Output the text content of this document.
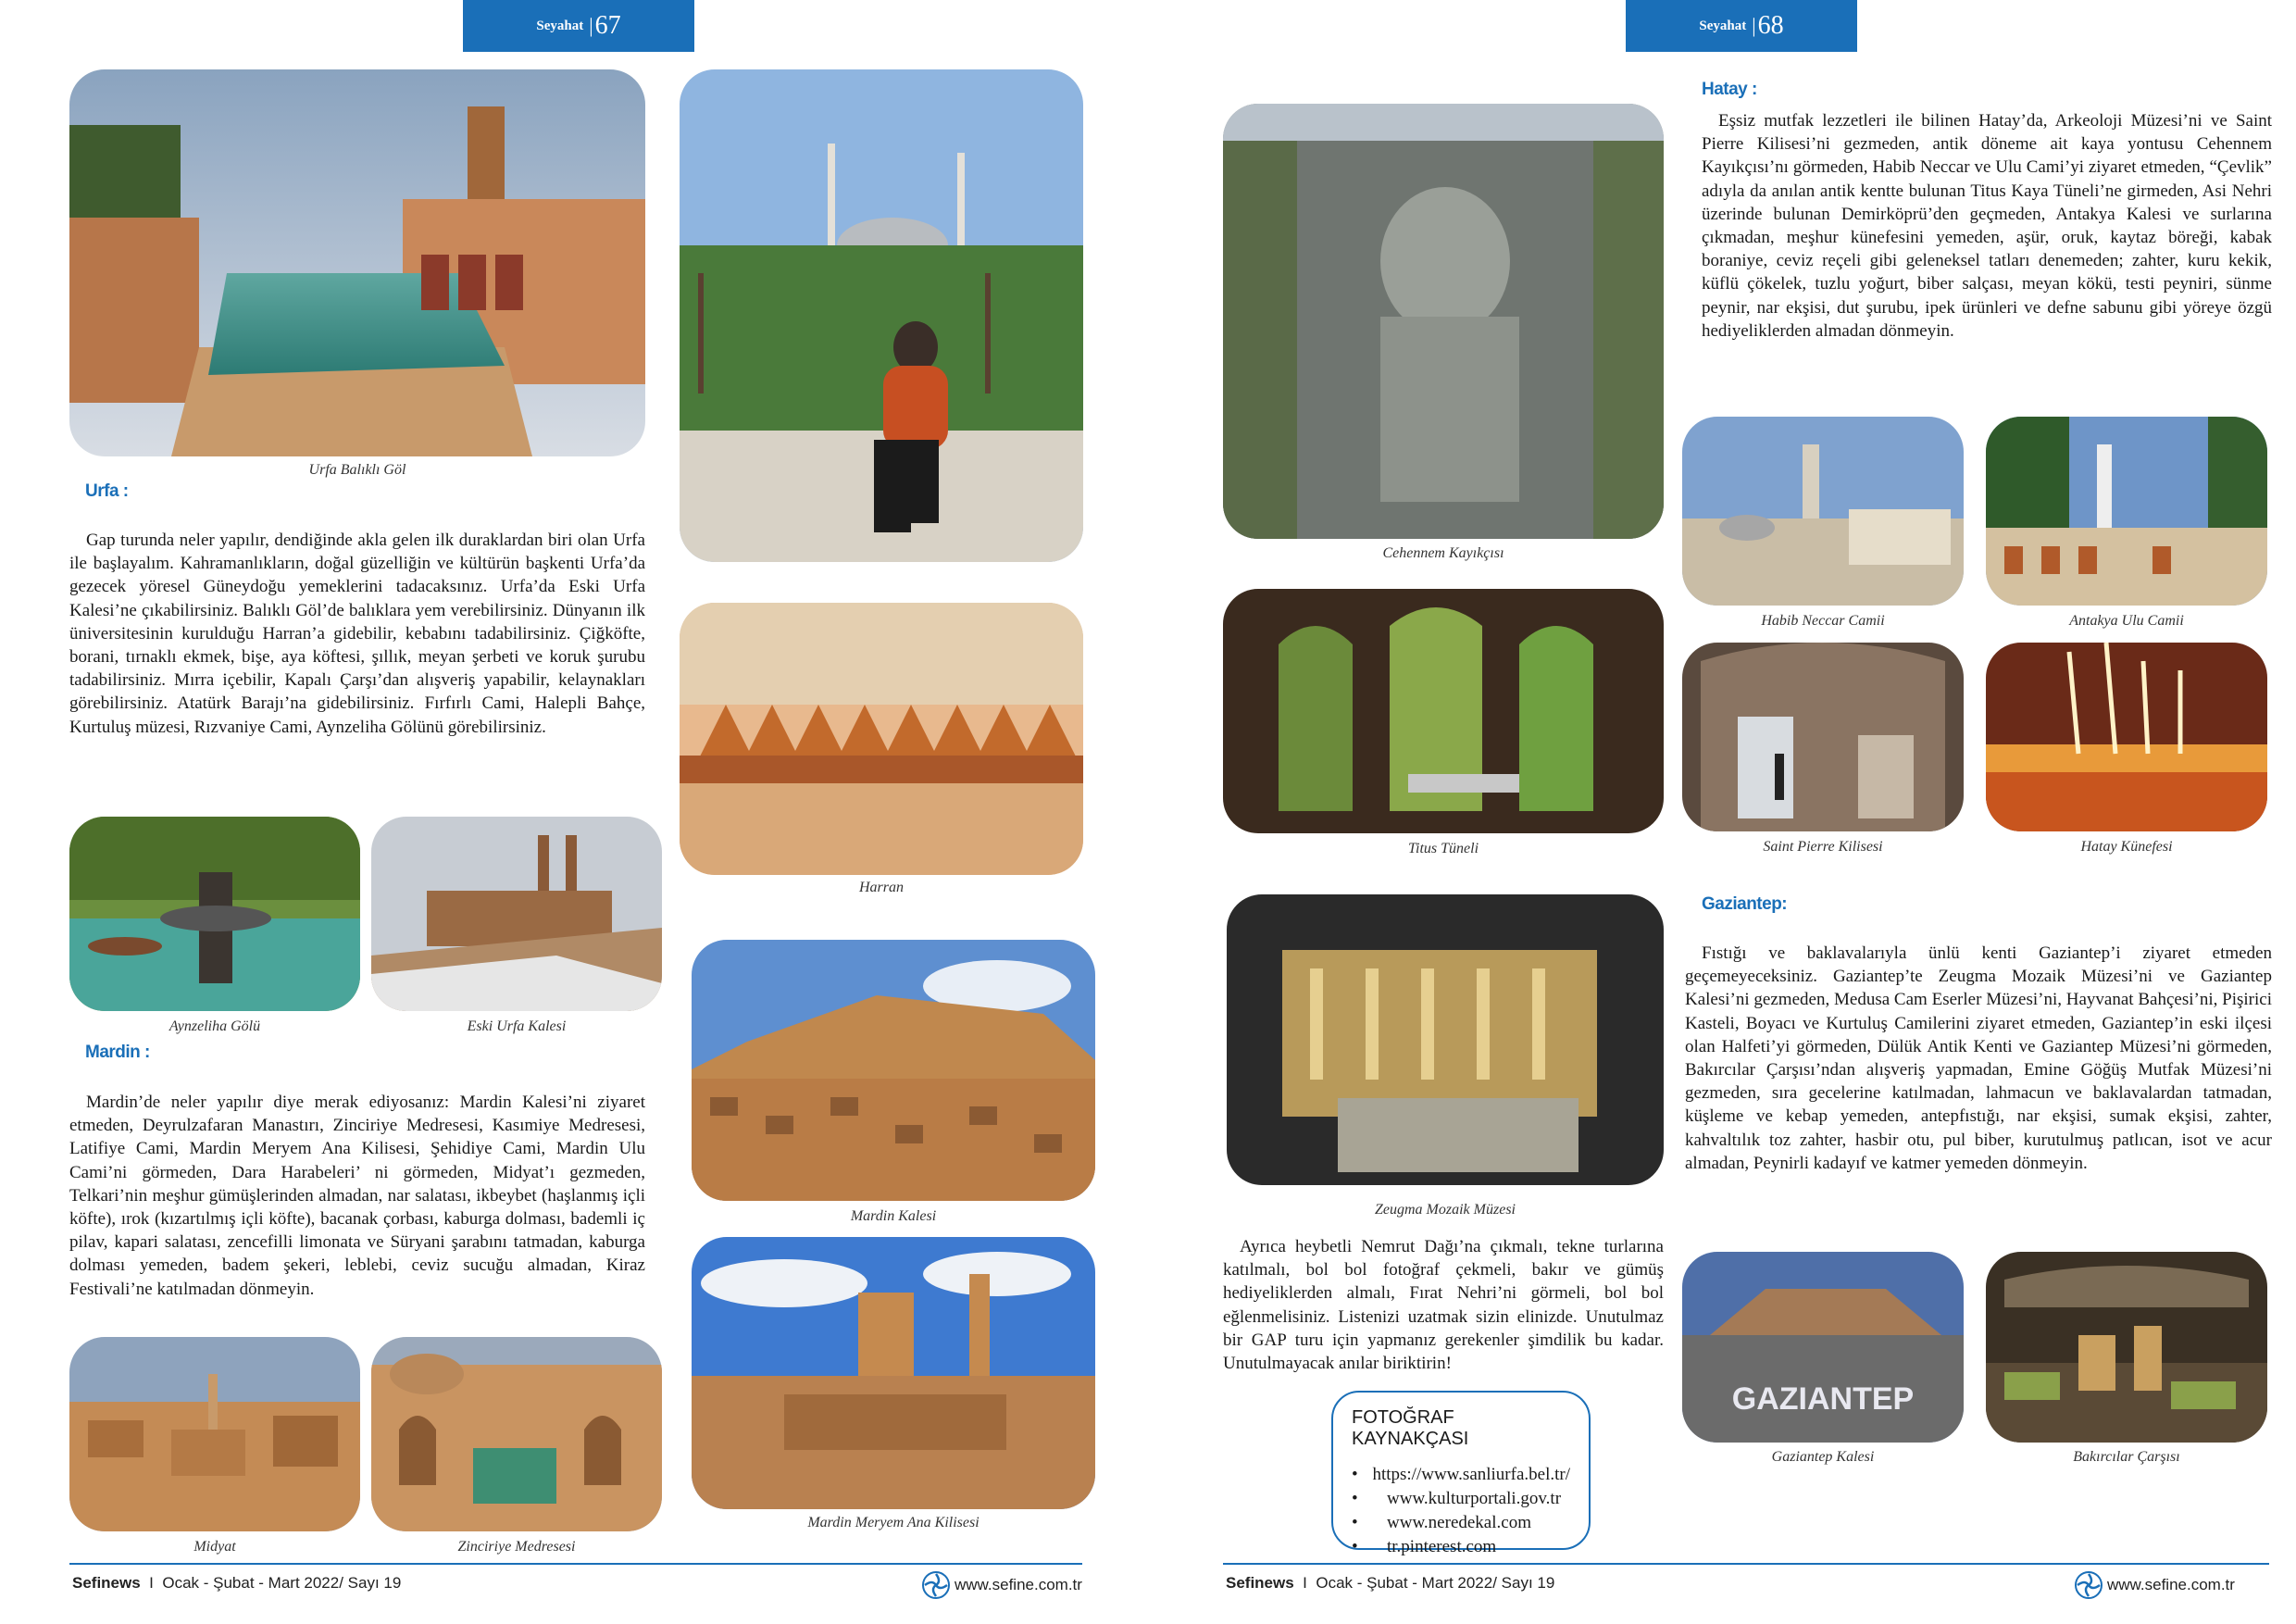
Seyahat | 67
Urfa Balıklı Göl
Urfa :
Gap turunda neler yapılır, dendiğinde akla gelen ilk duraklardan biri olan Urfa ile başlayalım. Kahramanlıkların, doğal güzelliğin ve kültürün başkenti Urfa’da gezecek yöresel Güneydoğu yemeklerini tadacaksınız. Urfa’da Eski Urfa Kalesi’ne çıkabilirsiniz. Balıklı Göl’de balıklara yem verebilirsiniz. Dünyanın ilk üniversitesinin kurulduğu Harran’a gidebilir, kebabını tadabilirsiniz. Çiğköfte, borani, tırnaklı ekmek, bişe, aya köftesi, şıllık, meyan şerbeti ve koruk şurubu tadabilirsiniz. Mırra içebilir, Kapalı Çarşı’dan alışveriş yapabilir, kelaynakları görebilirsiniz. Atatürk Barajı’na gidebilirsiniz. Fırfırlı Cami, Halepli Bahçe, Kurtuluş müzesi, Rızvaniye Cami, Aynzeliha Gölünü görebilirsiniz.
Aynzeliha Gölü	Eski Urfa Kalesi
Mardin :
Mardin’de neler yapılır diye merak ediyosanız: Mardin Kalesi’ni ziyaret etmeden, Deyrulzafaran Manastırı, Zinciriye Medresesi, Kasımiye Medresesi, Latifiye Cami, Mardin Meryem Ana Kilisesi, Şehidiye Cami, Mardin Ulu Cami’ni görmeden, Dara Harabeleri’ ni görmeden, Midyat’ı gezmeden, Telkari’nin meşhur gümüşlerinden almadan, nar salatası, ikbeybet (haşlanmış içli köfte), ırok (kızartılmış içli köfte), bacanak çorbası, kaburga dolması, bademli iç pilav, kapari salatası, zencefilli limonata ve Süryani şarabını tatmadan, kaburga dolması yemeden, badem şekeri, leblebi, ceviz sucuğu almadan, Kiraz Festivali’ne katılmadan dönmeyin.
Midyat	Zinciriye Medresesi
Harran
Mardin Kalesi
Mardin Meryem Ana Kilisesi
Sefinews I Ocak - Şubat - Mart 2022/ Sayı 19	www.sefine.com.tr
Seyahat | 68
Cehennem Kayıkçısı
Titus Tüneli
Habib Neccar Camii	Antakya Ulu Camii
Saint Pierre Kilisesi	Hatay Künefesi
Hatay :
Eşsiz mutfak lezzetleri ile bilinen Hatay’da, Arkeoloji Müzesi’ni ve Saint Pierre Kilisesi’ni gezmeden, antik döneme ait kaya yontusu Cehennem Kayıkçısı’nı görmeden, Habib Neccar ve Ulu Cami’yi ziyaret etmeden, “Çevlik” adıyla da anılan antik kentte bulunan Titus Kaya Tüneli’ne girmeden, Asi Nehri üzerinde bulunan Demirköprü’den geçmeden, Antakya Kalesi ve surlarına çıkmadan, meşhur künefesini yemeden, aşür, oruk, kaytaz böreği, kabak boraniye, ceviz reçeli gibi geleneksel tatları denemeden; zahter, kuru kekik, küflü çökelek, tuzlu yoğurt, biber salçası, meyan kökü, testi peyniri, sünme peynir, nar ekşisi, dut şurubu, ipek ürünleri ve defne sabunu gibi yöreye özgü hediyeliklerden almadan dönmeyin.
Zeugma Mozaik Müzesi
Ayrıca heybetli Nemrut Dağı’na çıkmalı, tekne turlarına katılmalı, bol bol fotoğraf çekmeli, bakır ve gümüş hediyeliklerden almalı, Fırat Nehri’ni görmeli, bol bol eğlenmelisiniz. Listenizi uzatmak sizin elinizde. Unutulmaz bir GAP turu için yapmanız gerekenler şimdilik bu kadar. Unutulmayacak anılar biriktirin!
FOTOĞRAF KAYNAKÇASI
• https://www.sanliurfa.bel.tr/
•	www.kulturportali.gov.tr
•	www.neredekal.com
•	tr.pinterest.com
Gaziantep:
Fıstığı ve baklavalarıyla ünlü kenti Gaziantep’i ziyaret etmeden geçemeyeceksiniz. Gaziantep’te Zeugma Mozaik Müzesi’ni ve Gaziantep Kalesi’ni gezmeden, Medusa Cam Eserler Müzesi’ni, Hayvanat Bahçesi’ni, Pişirici Kasteli, Boyacı ve Kurtuluş Camilerini ziyaret etmeden, Gaziantep’in eski ilçesi olan Halfeti’yi görmeden, Dülük Antik Kenti ve Gaziantep Müzesi’ni görmeden, Bakırcılar Çarşısı’ndan alışveriş yapmadan, Emine Göğüş Mutfak Müzesi’ni gezmeden, sıra gecelerine katılmadan, lahmacun ve baklavalardan tatmadan, küşleme ve kebap yemeden, antepfıstığı, nar ekşisi, sumak ekşisi, zahter, kahvaltılık toz zahter, hasbir otu, pul biber, kurutulmuş patlıcan, isot ve acur almadan, Peynirli kadayıf ve katmer yemeden dönmeyin.
GAZIANTEP
Gaziantep Kalesi	Bakırcılar Çarşısı
Sefinews I Ocak - Şubat - Mart 2022/ Sayı 19	www.sefine.com.tr
